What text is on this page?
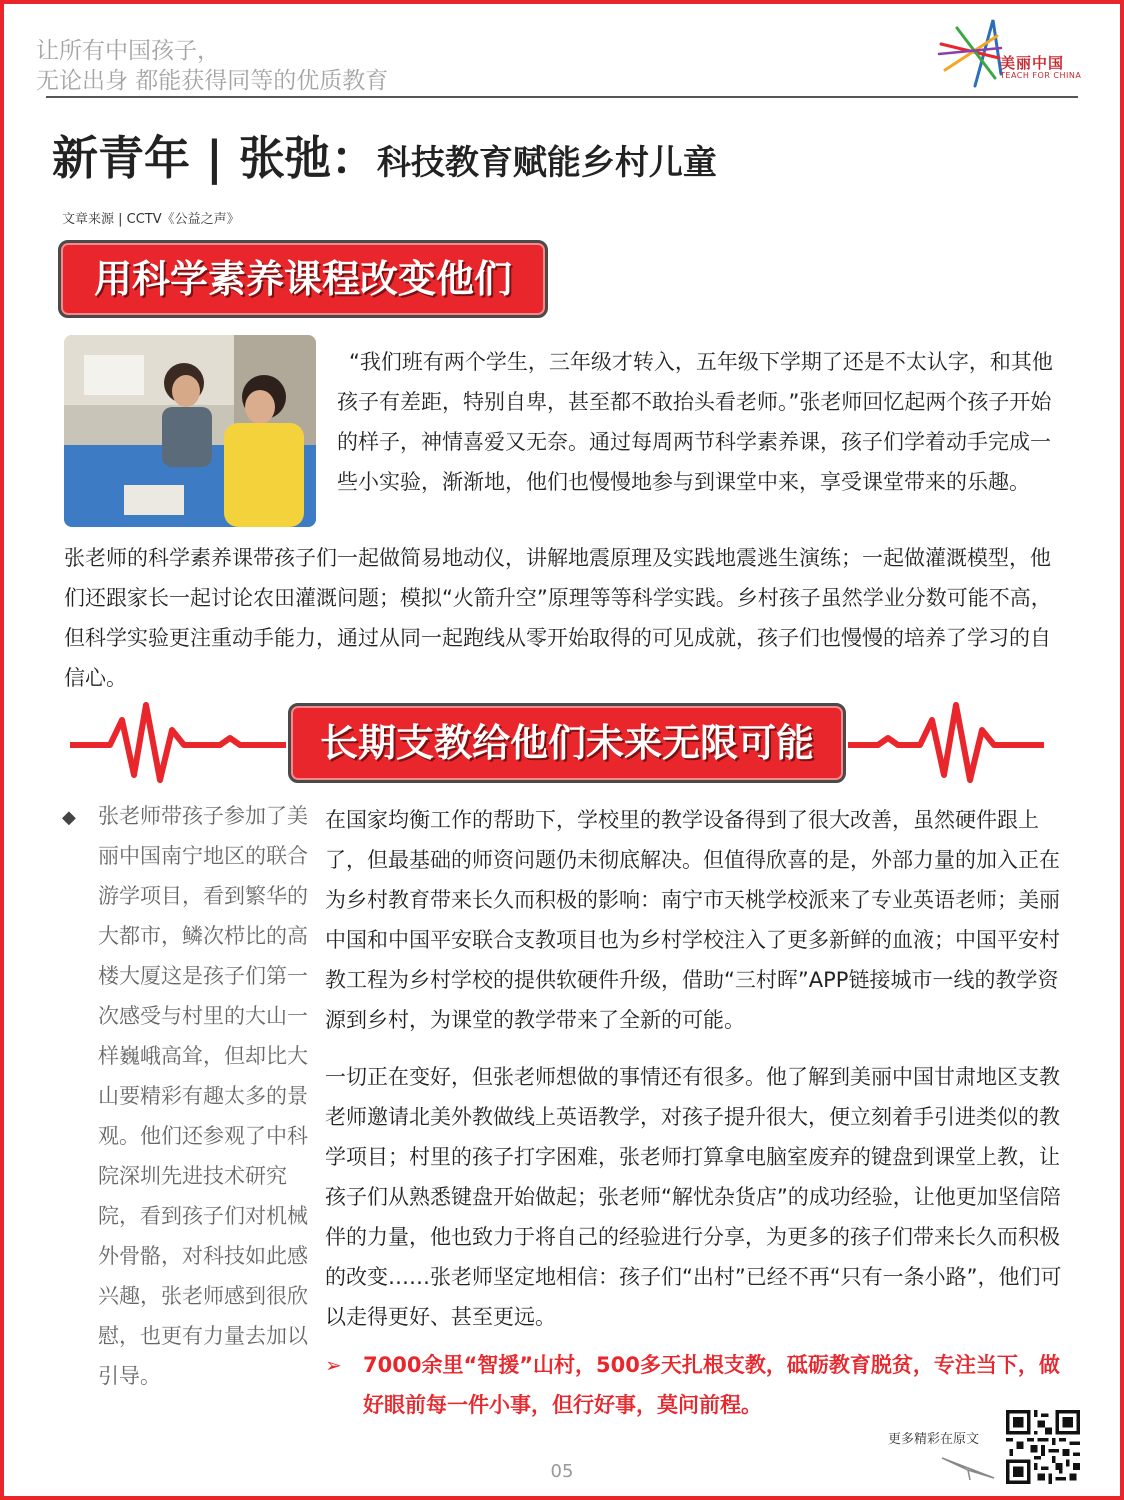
让所有中国孩子，
无论出身 都能获得同等的优质教育
美丽中国
TEACH FOR CHINA
新青年 | 张弛：科技教育赋能乡村儿童
文章来源 | CCTV《公益之声》
用科学素养课程改变他们

“我们班有两个学生，三年级才转入，五年级下学期了还是不太认字，和其他孩子有差距，特别自卑，甚至都不敢抬头看老师。”张老师回忆起两个孩子开始的样子，神情喜爱又无奈。通过每周两节科学素养课，孩子们学着动手完成一些小实验，渐渐地，他们也慢慢地参与到课堂中来，享受课堂带来的乐趣。

张老师的科学素养课带孩子们一起做简易地动仪，讲解地震原理及实践地震逃生演练；一起做灌溉模型，他们还跟家长一起讨论农田灌溉问题；模拟“火箭升空”原理等等科学实践。乡村孩子虽然学业分数可能不高，但科学实验更注重动手能力，通过从同一起跑线从零开始取得的可见成就，孩子们也慢慢的培养了学习的自信心。

长期支教给他们未来无限可能
◆	张老师带孩子参加了美丽中国南宁地区的联合游学项目，看到繁华的大都市，鳞次栉比的高楼大厦这是孩子们第一次感受与村里的大山一样巍峨高耸，但却比大山要精彩有趣太多的景观。他们还参观了中科院深圳先进技术研究院，看到孩子们对机械外骨骼，对科技如此感兴趣，张老师感到很欣慰，也更有力量去加以引导。

在国家均衡工作的帮助下，学校里的教学设备得到了很大改善，虽然硬件跟上了，但最基础的师资问题仍未彻底解决。但值得欣喜的是，外部力量的加入正在为乡村教育带来长久而积极的影响：南宁市天桃学校派来了专业英语老师；美丽中国和中国平安联合支教项目也为乡村学校注入了更多新鲜的血液；中国平安村教工程为乡村学校的提供软硬件升级，借助“三村晖”APP链接城市一线的教学资源到乡村，为课堂的教学带来了全新的可能。

一切正在变好，但张老师想做的事情还有很多。他了解到美丽中国甘肃地区支教老师邀请北美外教做线上英语教学，对孩子提升很大，便立刻着手引进类似的教学项目；村里的孩子打字困难，张老师打算拿电脑室废弃的键盘到课堂上教，让孩子们从熟悉键盘开始做起；张老师“解忧杂货店”的成功经验，让他更加坚信陪伴的力量，他也致力于将自己的经验进行分享，为更多的孩子们带来长久而积极的改变……张老师坚定地相信：孩子们“出村”已经不再“只有一条小路”，他们可以走得更好、甚至更远。

➢	7000余里“智援”山村，500多天扎根支教，砥砺教育脱贫，专注当下，做好眼前每一件小事，但行好事，莫问前程。

更多精彩在原文
05
